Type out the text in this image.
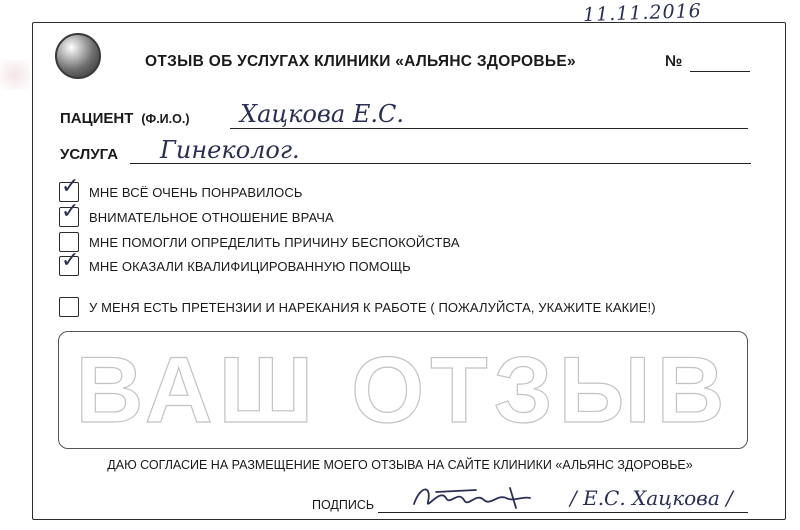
11.11.2016
ОТЗЫВ ОБ УСЛУГАХ КЛИНИКИ «АЛЬЯНС ЗДОРОВЬЕ»	№
ПАЦИЕНТ (Ф.И.О.) Хацкова Е.С.
УСЛУГА Гинеколог.
✓ МНЕ ВСЁ ОЧЕНЬ ПОНРАВИЛОСЬ
✓ ВНИМАТЕЛЬНОЕ ОТНОШЕНИЕ ВРАЧА
МНЕ ПОМОГЛИ ОПРЕДЕЛИТЬ ПРИЧИНУ БЕСПОКОЙСТВА
✓ МНЕ ОКАЗАЛИ КВАЛИФИЦИРОВАННУЮ ПОМОЩЬ
У МЕНЯ ЕСТЬ ПРЕТЕНЗИИ И НАРЕКАНИЯ К РАБОТЕ ( ПОЖАЛУЙСТА, УКАЖИТЕ КАКИЕ!)
ВАШ ОТЗЫВ
ДАЮ СОГЛАСИЕ НА РАЗМЕЩЕНИЕ МОЕГО ОТЗЫВА НА САЙТЕ КЛИНИКИ «АЛЬЯНС ЗДОРОВЬЕ»
ПОДПИСЬ	/ Е.С. Хацкова /
